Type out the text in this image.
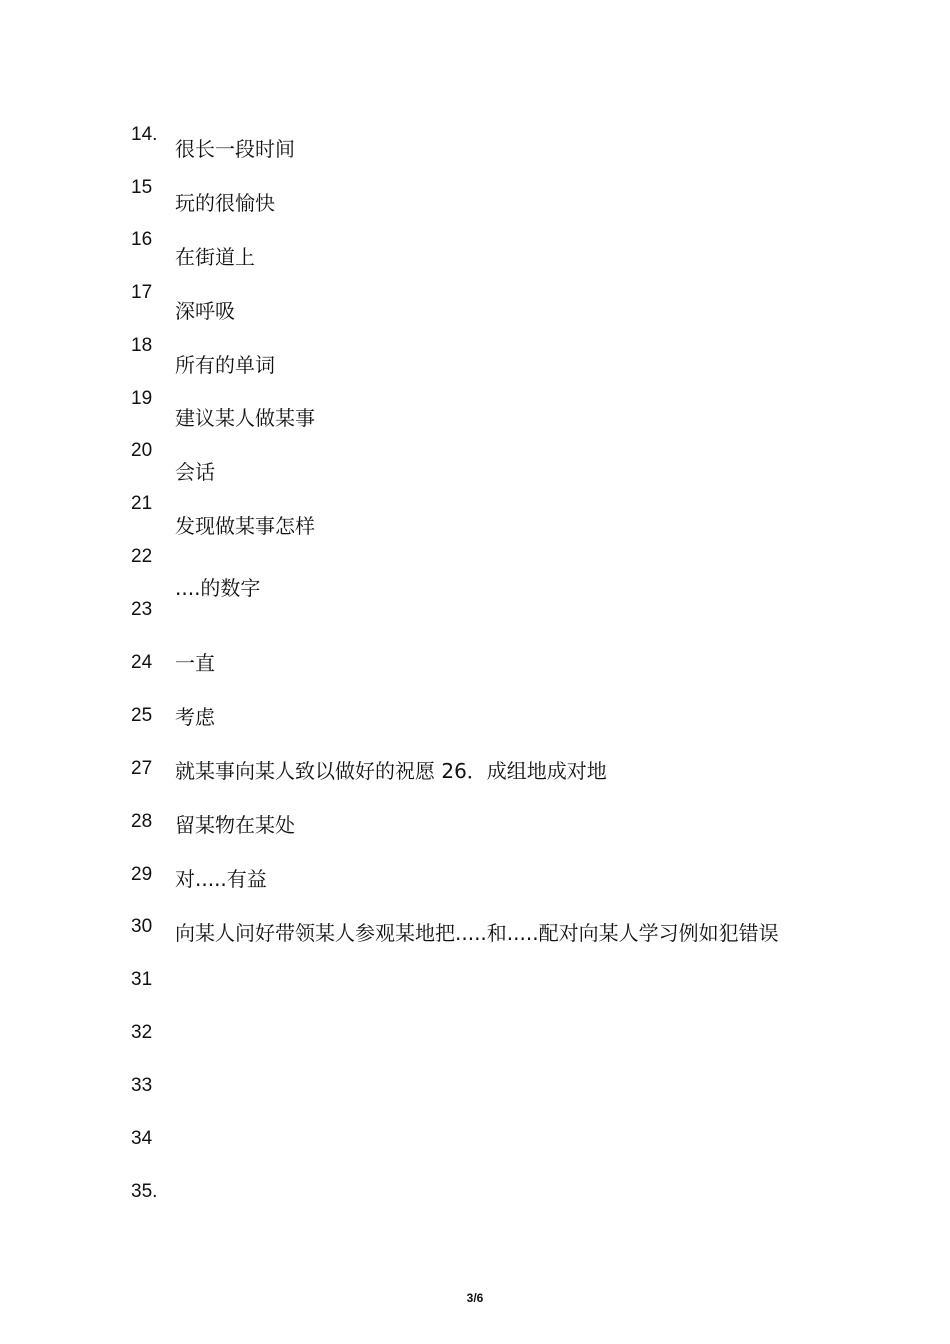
14.
很长一段时间
15
玩的很愉快
16
在街道上
17
深呼吸
18
所有的单词
19
建议某人做某事
20
会话
21
发现做某事怎样
22
....的数字
23
24 一直
25 考虑
27 就某事向某人致以做好的祝愿 26．成组地成对地
28 留某物在某处
29 对.....有益
30 向某人问好带领某人参观某地把.....和.....配对向某人学习例如犯错误
31
32
33
34
35.
3/6
